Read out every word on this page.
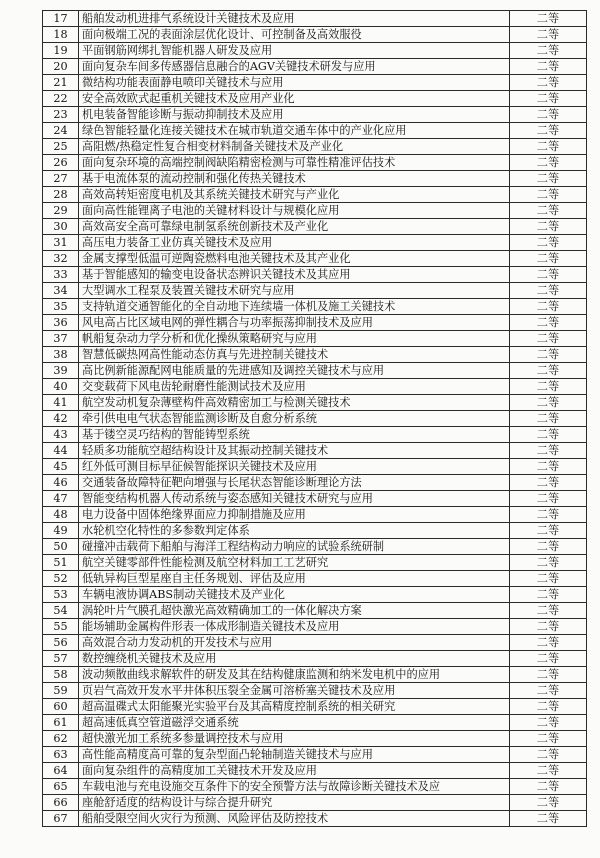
17	船舶发动机进排气系统设计关键技术及应用	二等
18	面向极端工况的表面涂层优化设计、可控制备及高效服役	二等
19	平面钢筋网绑扎智能机器人研发及应用	二等
20	面向复杂车间多传感器信息融合的AGV关键技术研发与应用	二等
21	微结构功能表面静电喷印关键技术与应用	二等
22	安全高效欧式起重机关键技术及应用产业化	二等
23	机电装备智能诊断与振动抑制技术及应用	二等
24	绿色智能轻量化连接关键技术在城市轨道交通车体中的产业化应用	二等
25	高阻燃/热稳定性复合相变材料制备关键技术及产业化	二等
26	面向复杂环境的高端控制阀缺陷精密检测与可靠性精准评估技术	二等
27	基于电流体泵的流动控制和强化传热关键技术	二等
28	高效高转矩密度电机及其系统关键技术研究与产业化	二等
29	面向高性能锂离子电池的关键材料设计与规模化应用	二等
30	高效高安全高可靠绿电制氢系统创新技术及产业化	二等
31	高压电力装备工业仿真关键技术及应用	二等
32	金属支撑型低温可逆陶瓷燃料电池关键技术及其产业化	二等
33	基于智能感知的输变电设备状态辨识关键技术及其应用	二等
34	大型调水工程泵及装置关键技术研究与应用	二等
35	支持轨道交通智能化的全自动地下连续墙一体机及施工关键技术	二等
36	风电高占比区域电网的弹性耦合与功率振荡抑制技术及应用	二等
37	帆船复杂动力学分析和优化操纵策略研究与应用	二等
38	智慧低碳热网高性能动态仿真与先进控制关键技术	二等
39	高比例新能源配网电能质量的先进感知及调控关键技术与应用	二等
40	交变载荷下风电齿轮耐磨性能测试技术及应用	二等
41	航空发动机复杂薄壁构件高效精密加工与检测关键技术	二等
42	牵引供电电气状态智能监测诊断及自愈分析系统	二等
43	基于镂空灵巧结构的智能铸型系统	二等
44	轻质多功能航空超结构设计及其振动控制关键技术	二等
45	红外低可测目标早征候智能探识关键技术及应用	二等
46	交通装备故障特征靶向增强与长尾状态智能诊断理论方法	二等
47	智能变结构机器人传动系统与姿态感知关键技术研究与应用	二等
48	电力设备中固体绝缘界面应力抑制措施及应用	二等
49	水轮机空化特性的多参数判定体系	二等
50	碰撞冲击载荷下船舶与海洋工程结构动力响应的试验系统研制	二等
51	航空关键零部件性能检测及航空材料加工工艺研究	二等
52	低轨异构巨型星座自主任务规划、评估及应用	二等
53	车辆电液协调ABS制动关键技术及产业化	二等
54	涡轮叶片气膜孔超快激光高效精确加工的一体化解决方案	二等
55	能场辅助金属构件形表一体成形制造关键技术及应用	二等
56	高效混合动力发动机的开发技术与应用	二等
57	数控缠绕机关键技术及应用	二等
58	波动频散曲线求解软件的研发及其在结构健康监测和纳米发电机中的应用	二等
59	页岩气高效开发水平井体积压裂全金属可溶桥塞关键技术及应用	二等
60	超高温碟式太阳能聚光实验平台及其高精度控制系统的相关研究	二等
61	超高速低真空管道磁浮交通系统	二等
62	超快激光加工系统多参量调控技术与应用	二等
63	高性能高精度高可靠的复杂型面凸轮轴制造关键技术与应用	二等
64	面向复杂组件的高精度加工关键技术开发及应用	二等
65	车载电池与充电设施交互条件下的安全预警方法与故障诊断关键技术及应	二等
66	座舱舒适度的结构设计与综合提升研究	二等
67	船舶受限空间火灾行为预测、风险评估及防控技术	二等
